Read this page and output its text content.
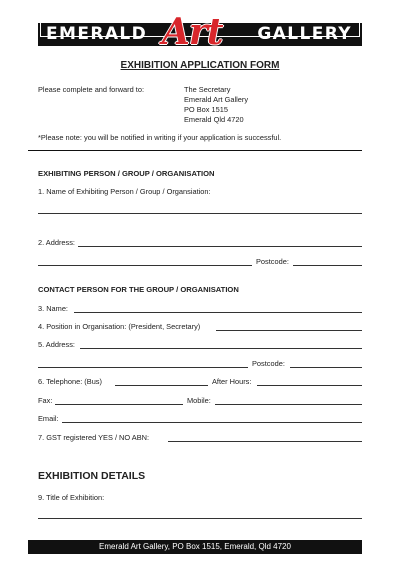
EMERALD Art GALLERY
EXHIBITION APPLICATION FORM
Please complete and forward to:	The Secretary
Emerald Art Gallery
PO Box 1515
Emerald Qld 4720
*Please note: you will be notified in writing if your application is successful.
EXHIBITING PERSON / GROUP / ORGANISATION
1. Name of Exhibiting Person / Group / Organsiation:
2. Address:
Postcode:
CONTACT PERSON FOR THE GROUP / ORGANISATION
3. Name:
4. Position in Organisation: (President, Secretary)
5. Address:
Postcode:
6. Telephone: (Bus)	After Hours:
Fax:	Mobile:
Email:
7. GST registered YES / NO ABN:
EXHIBITION DETAILS
9. Title of Exhibition:
Emerald Art Gallery, PO Box 1515, Emerald, Qld 4720
